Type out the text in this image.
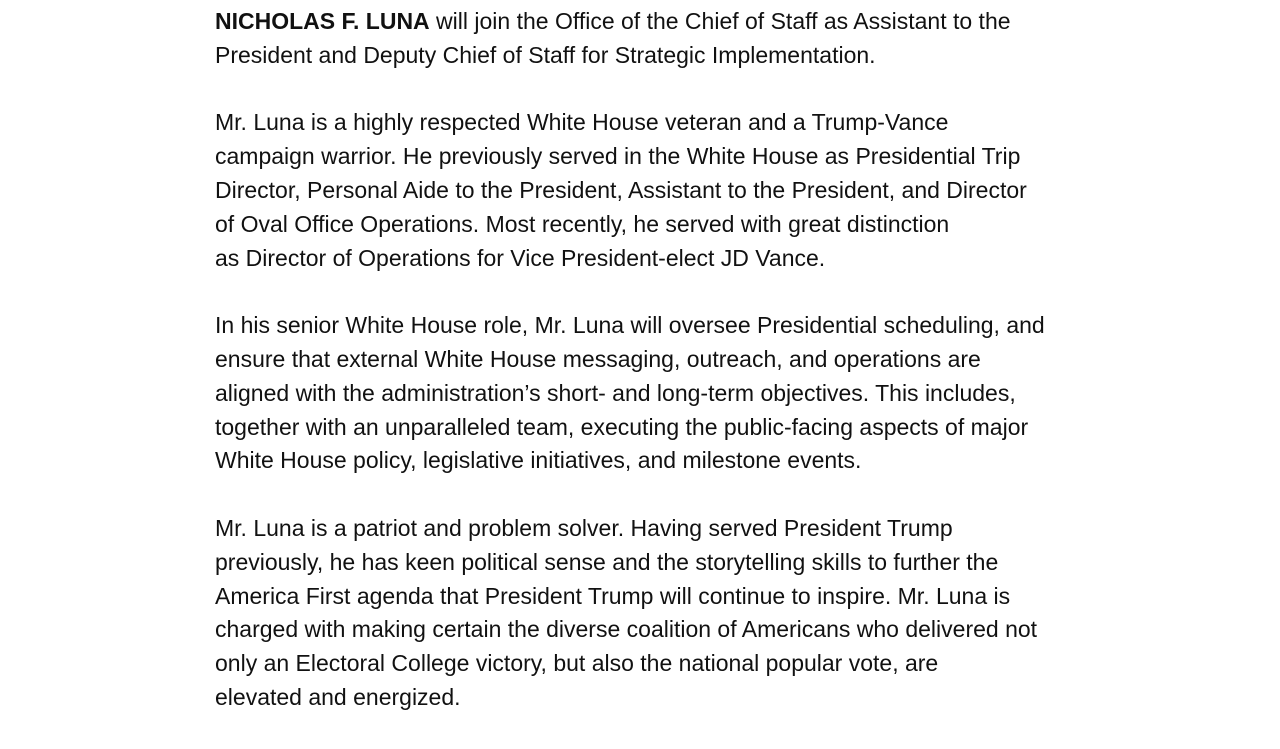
NICHOLAS F. LUNA will join the Office of the Chief of Staff as Assistant to the
President and Deputy Chief of Staff for Strategic Implementation.

Mr. Luna is a highly respected White House veteran and a Trump-Vance
campaign warrior. He previously served in the White House as Presidential Trip
Director, Personal Aide to the President, Assistant to the President, and Director
of Oval Office Operations. Most recently, he served with great distinction
as Director of Operations for Vice President-elect JD Vance.

In his senior White House role, Mr. Luna will oversee Presidential scheduling, and
ensure that external White House messaging, outreach, and operations are
aligned with the administration’s short- and long-term objectives. This includes,
together with an unparalleled team, executing the public-facing aspects of major
White House policy, legislative initiatives, and milestone events.

Mr. Luna is a patriot and problem solver. Having served President Trump
previously, he has keen political sense and the storytelling skills to further the
America First agenda that President Trump will continue to inspire. Mr. Luna is
charged with making certain the diverse coalition of Americans who delivered not
only an Electoral College victory, but also the national popular vote, are
elevated and energized.
